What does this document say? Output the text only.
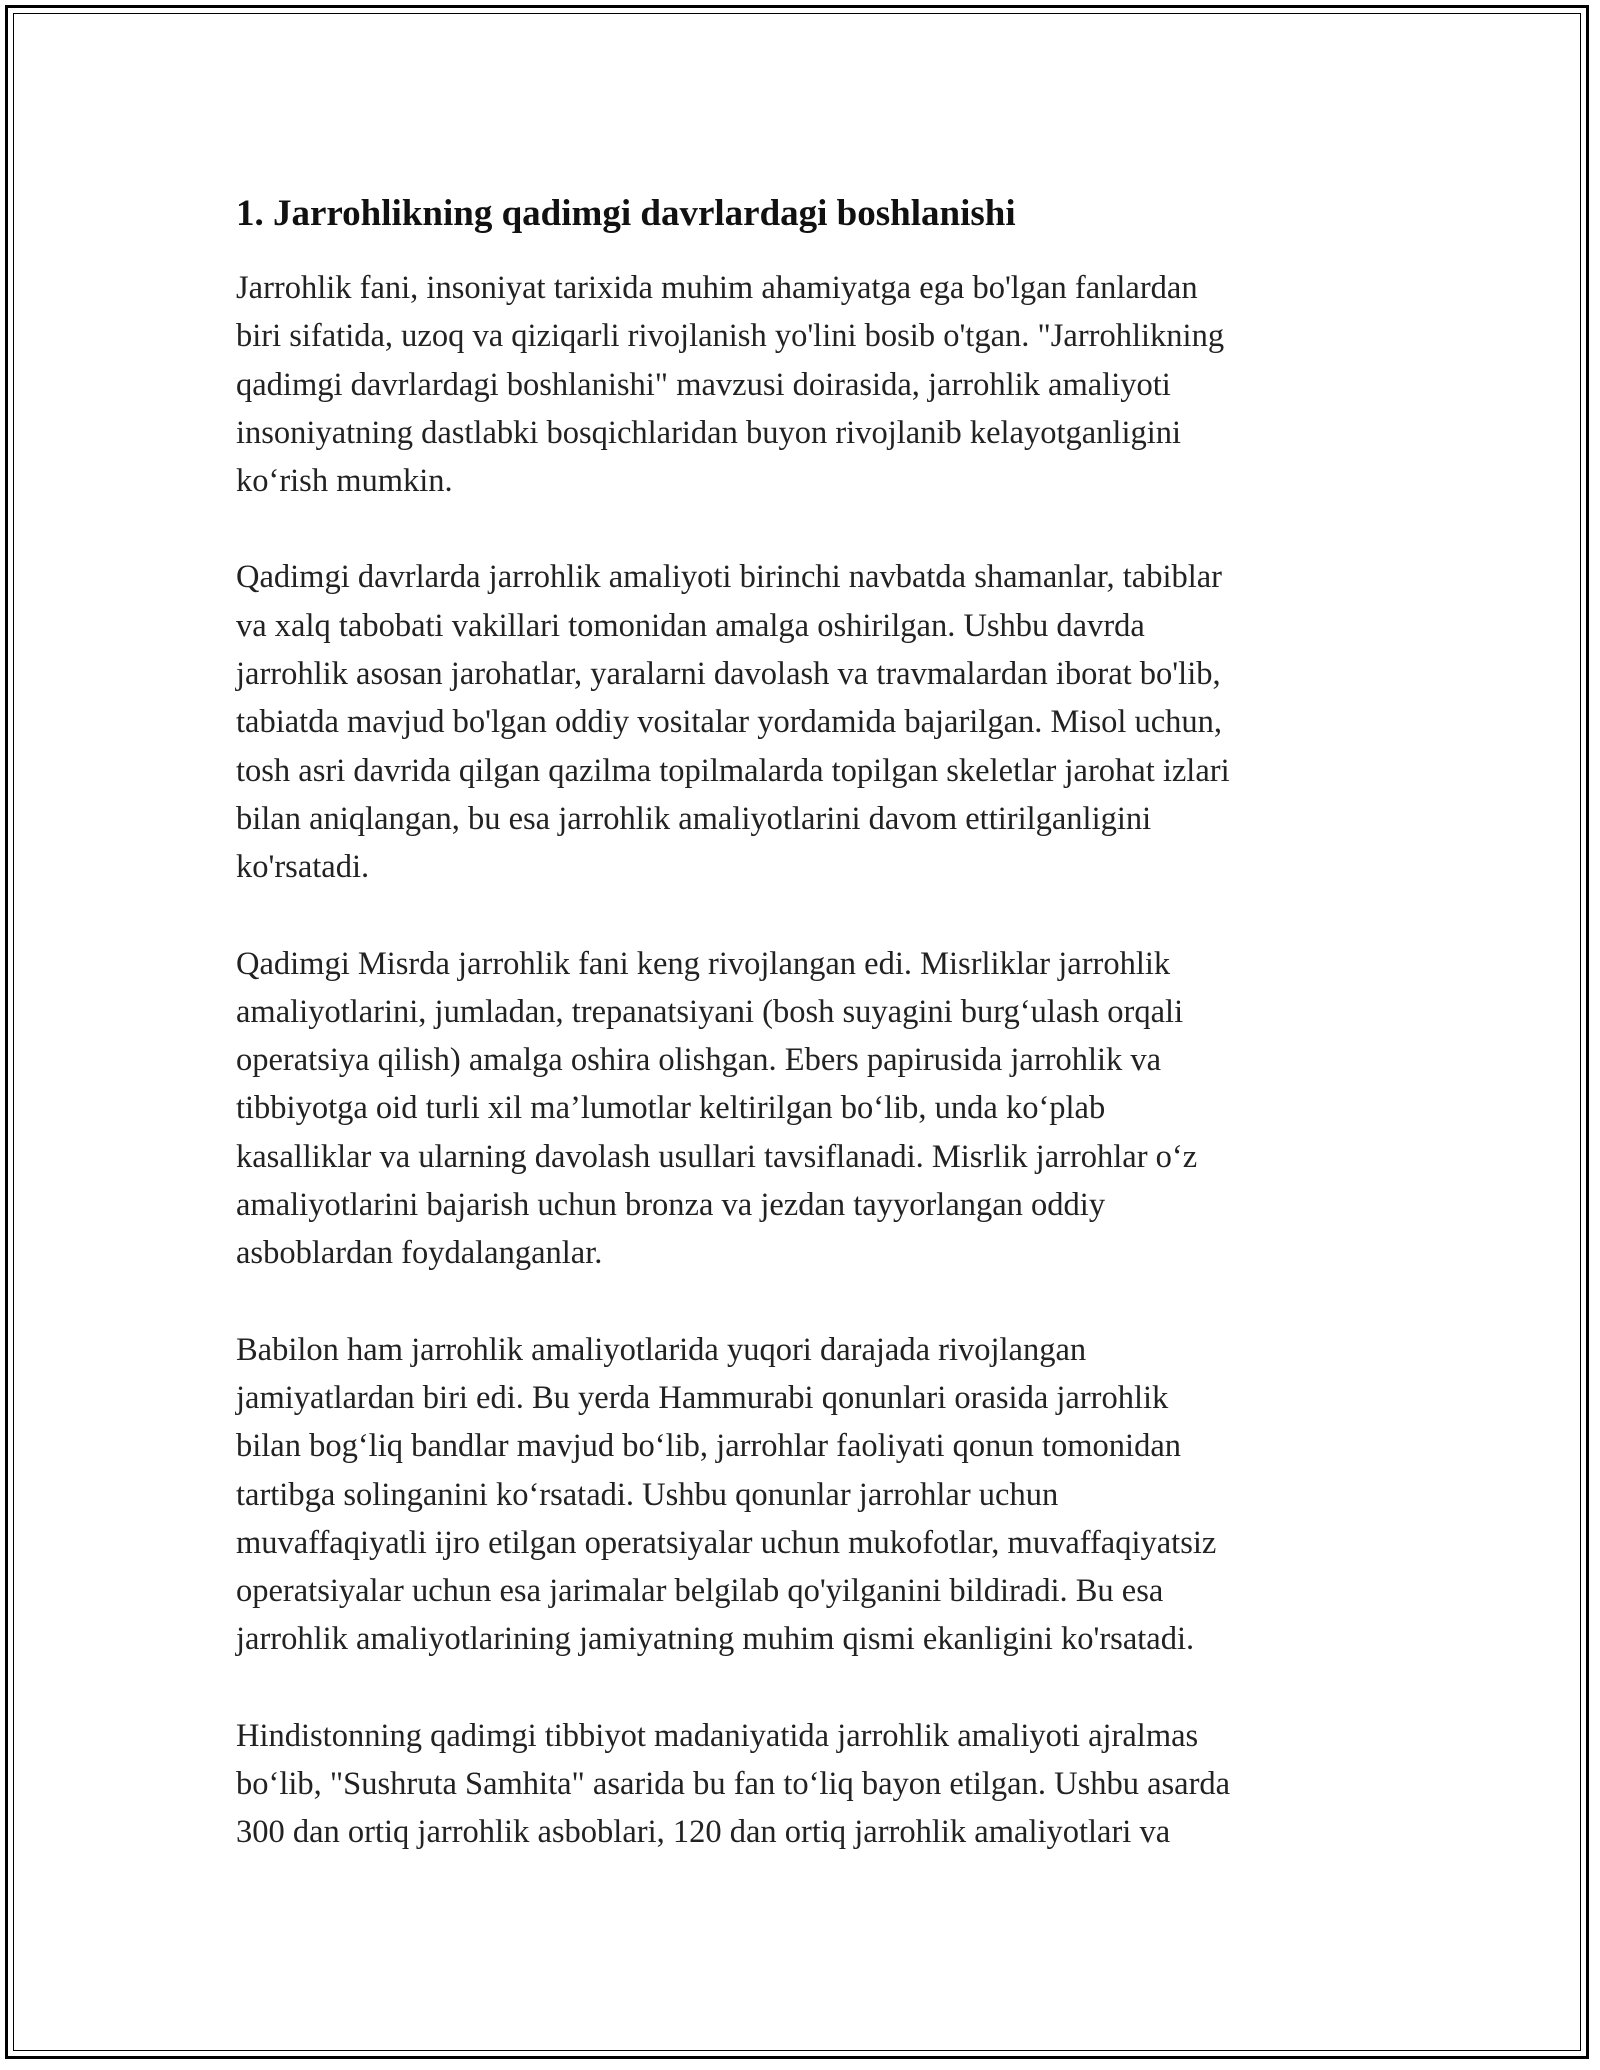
1. Jarrohlikning qadimgi davrlardagi boshlanishi

Jarrohlik fani, insoniyat tarixida muhim ahamiyatga ega bo'lgan fanlardan
biri sifatida, uzoq va qiziqarli rivojlanish yo'lini bosib o'tgan. "Jarrohlikning
qadimgi davrlardagi boshlanishi" mavzusi doirasida, jarrohlik amaliyoti
insoniyatning dastlabki bosqichlaridan buyon rivojlanib kelayotganligini
koʻrish mumkin.

Qadimgi davrlarda jarrohlik amaliyoti birinchi navbatda shamanlar, tabiblar
va xalq tabobati vakillari tomonidan amalga oshirilgan. Ushbu davrda
jarrohlik asosan jarohatlar, yaralarni davolash va travmalardan iborat bo'lib,
tabiatda mavjud bo'lgan oddiy vositalar yordamida bajarilgan. Misol uchun,
tosh asri davrida qilgan qazilma topilmalarda topilgan skeletlar jarohat izlari
bilan aniqlangan, bu esa jarrohlik amaliyotlarini davom ettirilganligini
ko'rsatadi.

Qadimgi Misrda jarrohlik fani keng rivojlangan edi. Misrliklar jarrohlik
amaliyotlarini, jumladan, trepanatsiyani (bosh suyagini burgʻulash orqali
operatsiya qilish) amalga oshira olishgan. Ebers papirusida jarrohlik va
tibbiyotga oid turli xil ma’lumotlar keltirilgan boʻlib, unda koʻplab
kasalliklar va ularning davolash usullari tavsiflanadi. Misrlik jarrohlar oʻz
amaliyotlarini bajarish uchun bronza va jezdan tayyorlangan oddiy
asboblardan foydalanganlar.

Babilon ham jarrohlik amaliyotlarida yuqori darajada rivojlangan
jamiyatlardan biri edi. Bu yerda Hammurabi qonunlari orasida jarrohlik
bilan bogʻliq bandlar mavjud boʻlib, jarrohlar faoliyati qonun tomonidan
tartibga solinganini koʻrsatadi. Ushbu qonunlar jarrohlar uchun
muvaffaqiyatli ijro etilgan operatsiyalar uchun mukofotlar, muvaffaqiyatsiz
operatsiyalar uchun esa jarimalar belgilab qo'yilganini bildiradi. Bu esa
jarrohlik amaliyotlarining jamiyatning muhim qismi ekanligini ko'rsatadi.

Hindistonning qadimgi tibbiyot madaniyatida jarrohlik amaliyoti ajralmas
boʻlib, "Sushruta Samhita" asarida bu fan toʻliq bayon etilgan. Ushbu asarda
300 dan ortiq jarrohlik asboblari, 120 dan ortiq jarrohlik amaliyotlari va
